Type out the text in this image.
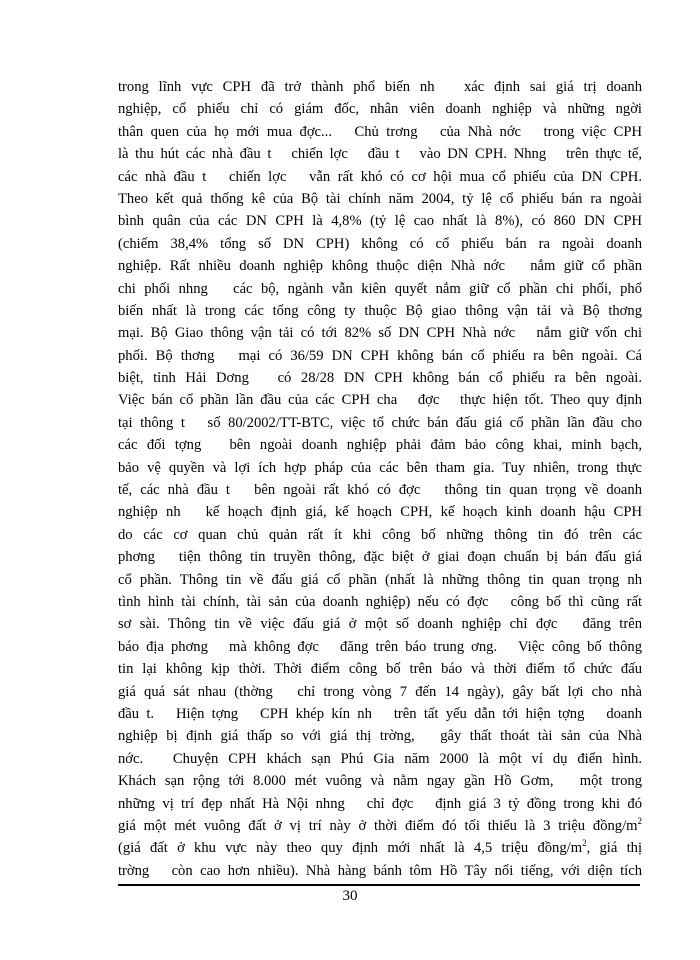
trong lĩnh vực CPH đã trở thành phổ biến nh   xác định sai giá trị doanh
nghiệp, cổ phiếu chỉ có giám đốc, nhân viên doanh nghiệp và những ngời
thân quen của họ mới mua đợc...   Chủ trơng   của Nhà nớc   trong việc CPH
là thu hút các nhà đầu t   chiến lợc   đầu t   vào DN CPH. Nhng   trên thực tế,
các nhà đầu t   chiến lợc   vẫn rất khó có cơ hội mua cổ phiếu của DN CPH.
Theo kết quả thống kê của Bộ tài chính năm 2004, tỷ lệ cổ phiếu bán ra ngoài
bình quân của các DN CPH là 4,8% (tỷ lệ cao nhất là 8%), có 860 DN CPH
(chiếm 38,4% tổng số DN CPH) không có cổ phiếu bán ra ngoài doanh
nghiệp. Rất nhiều doanh nghiệp không thuộc diện Nhà nớc   nắm giữ cổ phần
chi phối nhng   các bộ, ngành vẫn kiên quyết nắm giữ cổ phần chi phối, phổ
biến nhất là trong các tổng công ty thuộc Bộ giao thông vận tải và Bộ thơng
mại. Bộ Giao thông vận tải có tới 82% số DN CPH Nhà nớc   nắm giữ vốn chi
phối. Bộ thơng   mại có 36/59 DN CPH không bán cổ phiếu ra bên ngoài. Cá
biệt, tỉnh Hải Dơng   có 28/28 DN CPH không bán cổ phiếu ra bên ngoài.
Việc bán cổ phần lần đầu của các CPH cha   đợc   thực hiện tốt. Theo quy định
tại thông t   số 80/2002/TT-BTC, việc tổ chức bán đấu giá cổ phần lần đầu cho
các đối tợng   bên ngoài doanh nghiệp phải đảm bảo công khai, minh bạch,
bảo vệ quyền và lợi ích hợp pháp của các bên tham gia. Tuy nhiên, trong thực
tế, các nhà đầu t   bên ngoài rất khó có đợc   thông tin quan trọng về doanh
nghiệp nh   kế hoạch định giá, kế hoạch CPH, kế hoạch kinh doanh hậu CPH
do các cơ quan chủ quản rất ít khi công bố những thông tin đó trên các
phơng   tiện thông tin truyền thông, đặc biệt ở giai đoạn chuẩn bị bán đấu giá
cổ phần. Thông tin về đấu giá cổ phần (nhất là những thông tin quan trọng nh
tình hình tài chính, tài sản của doanh nghiệp) nếu có đợc   công bố thì cũng rất
sơ sài. Thông tin về việc đấu giá ở một số doanh nghiệp chỉ đợc   đăng trên
báo địa phơng   mà không đợc   đăng trên báo trung ơng.   Việc công bố thông
tin lại không kịp thời. Thời điểm công bố trên báo và thời điểm tổ chức đấu
giá quá sát nhau (thờng   chỉ trong vòng 7 đến 14 ngày), gây bất lợi cho nhà
đầu t.   Hiện tợng   CPH khép kín nh   trên tất yếu dẫn tới hiện tợng   doanh
nghiệp bị định giá thấp so với giá thị trờng,   gây thất thoát tài sản của Nhà
nớc.   Chuyện CPH khách sạn Phú Gia năm 2000 là một ví dụ điển hình.
Khách sạn rộng tới 8.000 mét vuông và nằm ngay gần Hồ Gơm,   một trong
những vị trí đẹp nhất Hà Nội nhng   chỉ đợc   định giá 3 tỷ đồng trong khi đó
giá một mét vuông đất ở vị trí này ở thời điểm đó tối thiểu là 3 triệu đồng/$m^2$
(giá đất ở khu vực này theo quy định mới nhất là 4,5 triệu đồng/$m^2$, giá thị
trờng   còn cao hơn nhiều). Nhà hàng bánh tôm Hồ Tây nổi tiếng, với diện tích
30
